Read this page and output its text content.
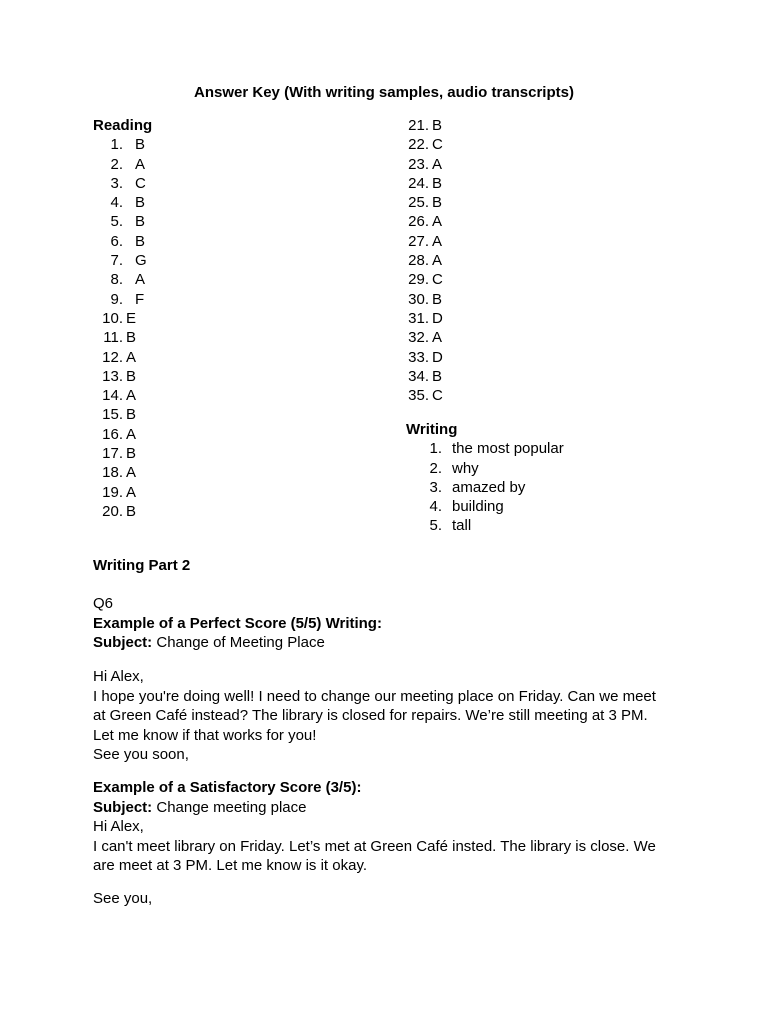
Answer Key (With writing samples, audio transcripts)
Reading
1. B
2. A
3. C
4. B
5. B
6. B
7. G
8. A
9. F
10. E
11. B
12. A
13. B
14. A
15. B
16. A
17. B
18. A
19. A
20. B
21. B
22. C
23. A
24. B
25. B
26. A
27. A
28. A
29. C
30. B
31. D
32. A
33. D
34. B
35. C
Writing
1. the most popular
2. why
3. amazed by
4. building
5. tall

Writing Part 2

Q6

Example of a Perfect Score (5/5) Writing:

Subject: Change of Meeting Place

Hi Alex,

I hope you're doing well! I need to change our meeting place on Friday. Can we meet

at Green Café instead? The library is closed for repairs. We’re still meeting at 3 PM.

Let me know if that works for you!

See you soon,

Example of a Satisfactory Score (3/5):

Subject: Change meeting place

Hi Alex,

I can't meet library on Friday. Let’s met at Green Café insted. The library is close. We

are meet at 3 PM. Let me know is it okay.

See you,
